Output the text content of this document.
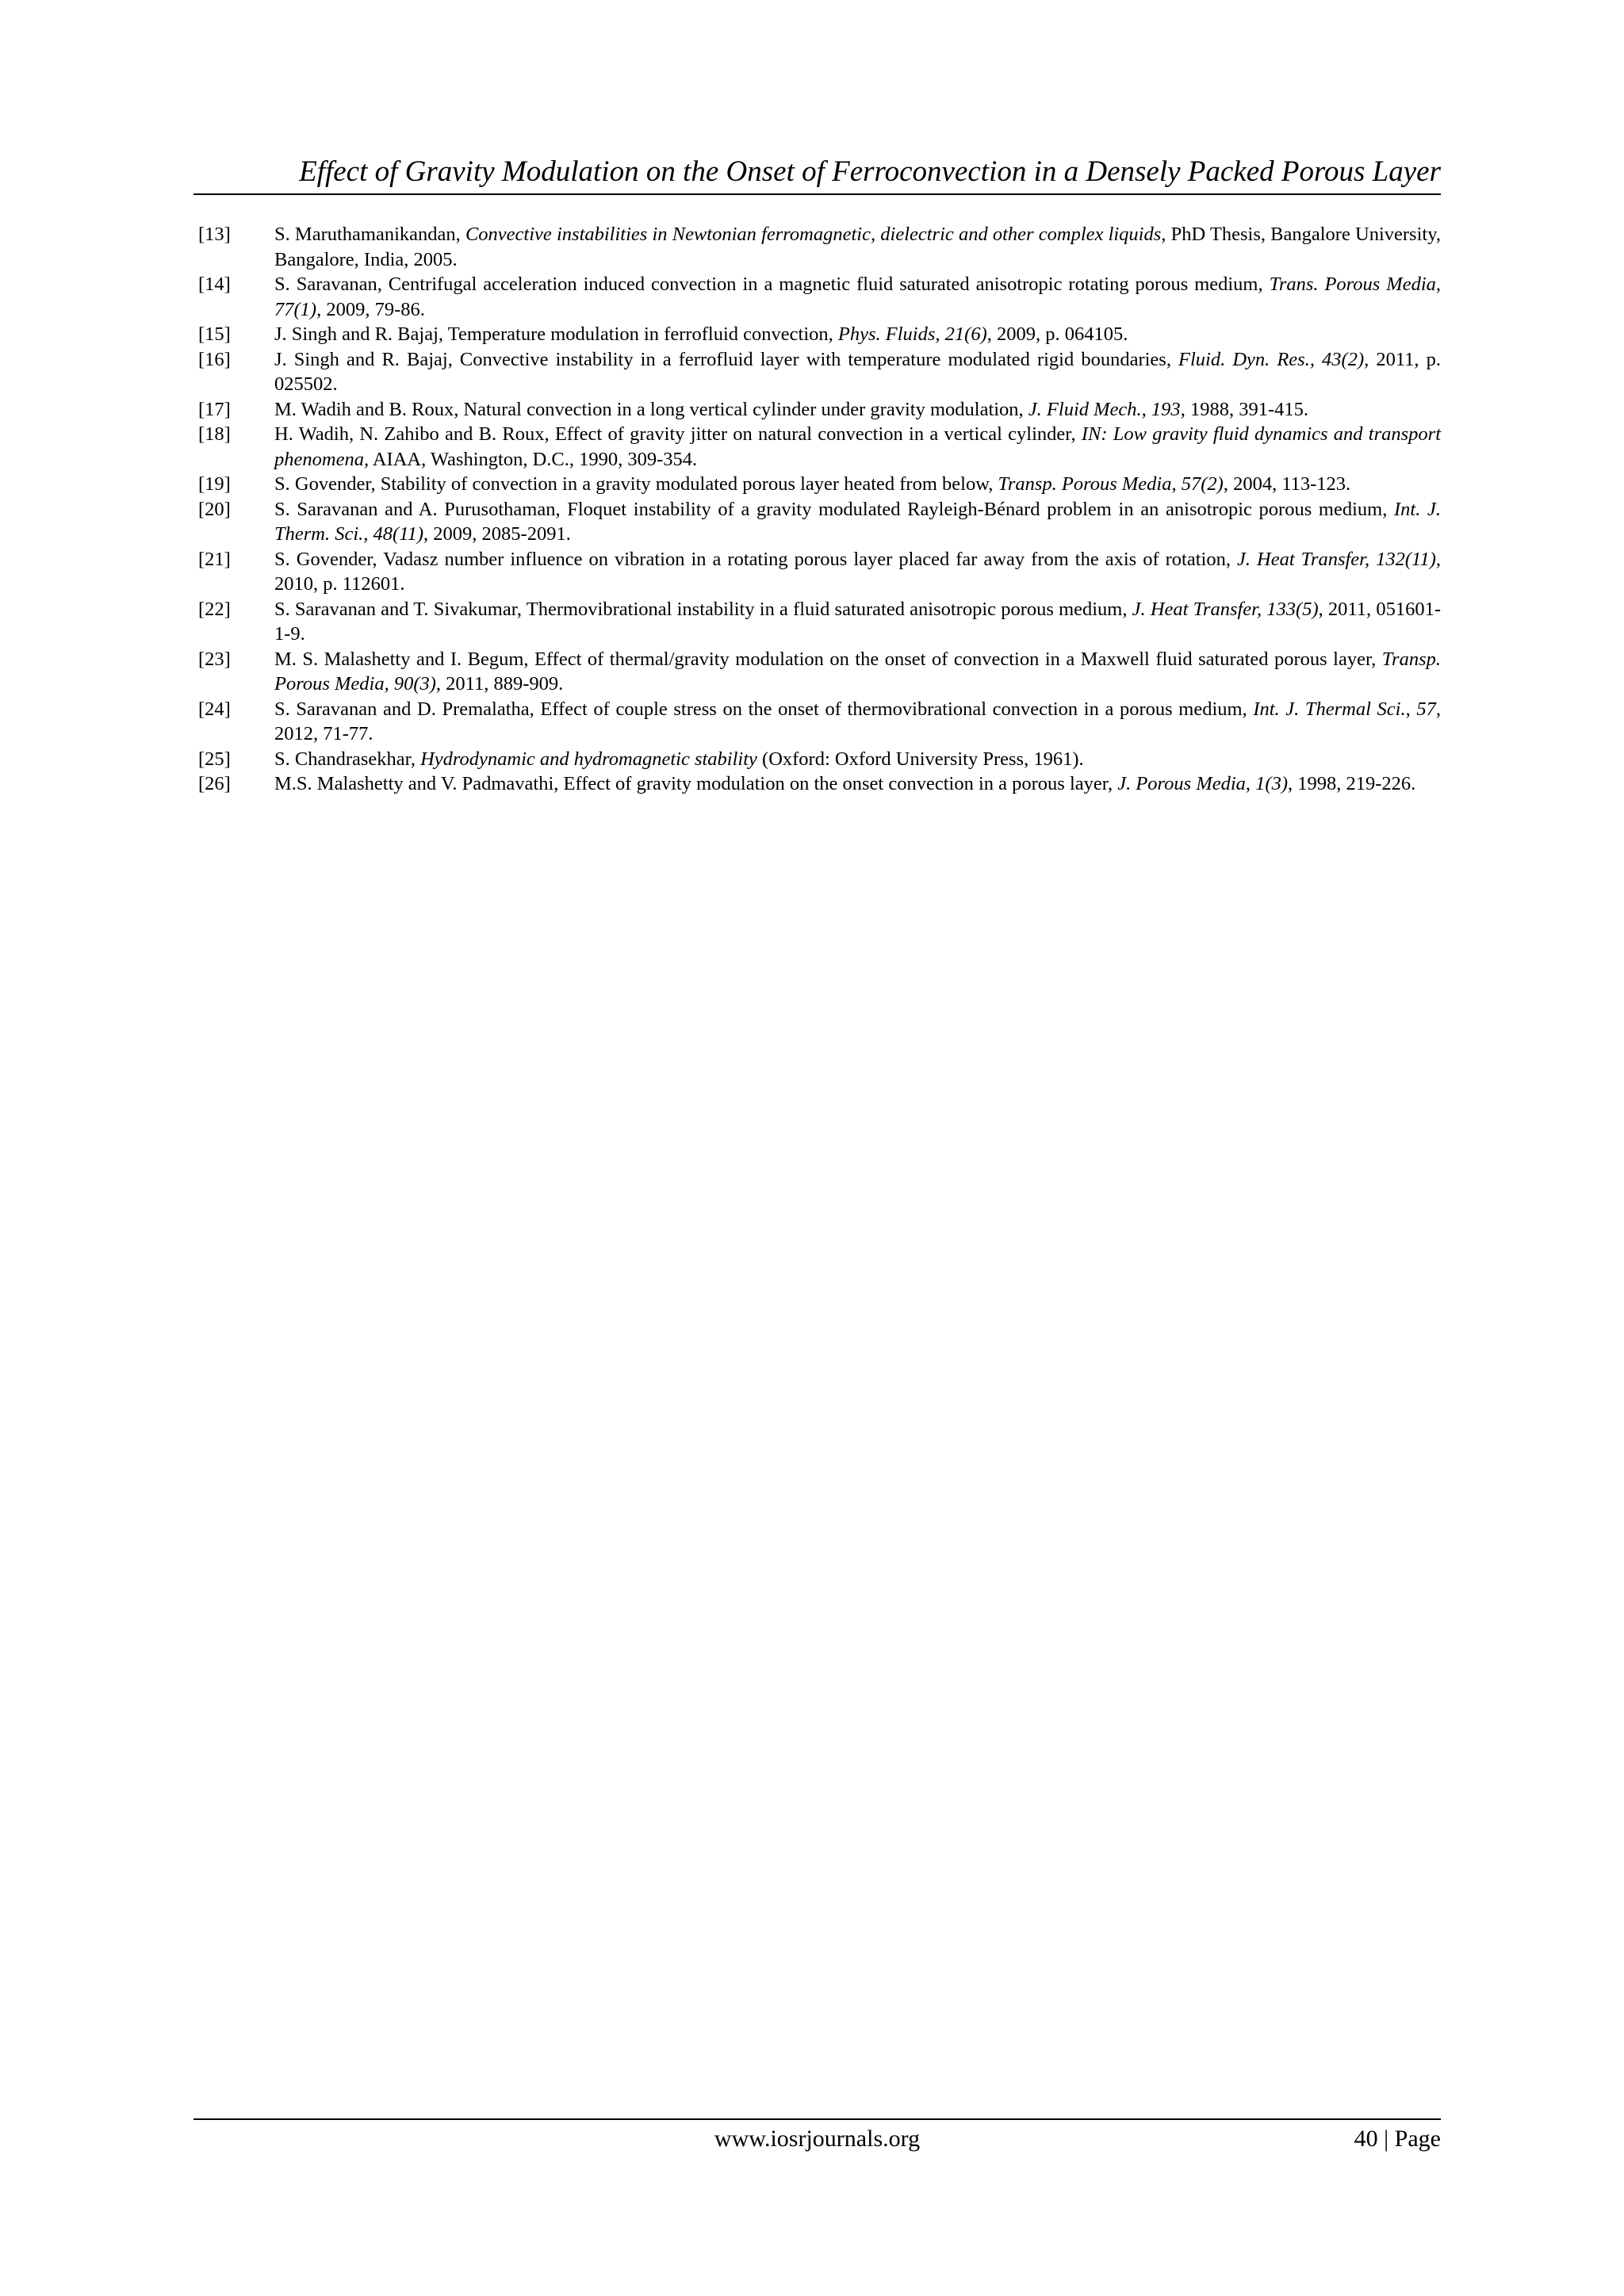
Effect of Gravity Modulation on the Onset of Ferroconvection in a Densely Packed Porous Layer
[13] S. Maruthamanikandan, Convective instabilities in Newtonian ferromagnetic, dielectric and other complex liquids, PhD Thesis, Bangalore University, Bangalore, India, 2005.
[14] S. Saravanan, Centrifugal acceleration induced convection in a magnetic fluid saturated anisotropic rotating porous medium, Trans. Porous Media, 77(1), 2009, 79-86.
[15] J. Singh and R. Bajaj, Temperature modulation in ferrofluid convection, Phys. Fluids, 21(6), 2009, p. 064105.
[16] J. Singh and R. Bajaj, Convective instability in a ferrofluid layer with temperature modulated rigid boundaries, Fluid. Dyn. Res., 43(2), 2011, p. 025502.
[17] M. Wadih and B. Roux, Natural convection in a long vertical cylinder under gravity modulation, J. Fluid Mech., 193, 1988, 391-415.
[18] H. Wadih, N. Zahibo and B. Roux, Effect of gravity jitter on natural convection in a vertical cylinder, IN: Low gravity fluid dynamics and transport phenomena, AIAA, Washington, D.C., 1990, 309-354.
[19] S. Govender, Stability of convection in a gravity modulated porous layer heated from below, Transp. Porous Media, 57(2), 2004, 113-123.
[20] S. Saravanan and A. Purusothaman, Floquet instability of a gravity modulated Rayleigh-Bénard problem in an anisotropic porous medium, Int. J. Therm. Sci., 48(11), 2009, 2085-2091.
[21] S. Govender, Vadasz number influence on vibration in a rotating porous layer placed far away from the axis of rotation, J. Heat Transfer, 132(11), 2010, p. 112601.
[22] S. Saravanan and T. Sivakumar, Thermovibrational instability in a fluid saturated anisotropic porous medium, J. Heat Transfer, 133(5), 2011, 051601-1-9.
[23] M. S. Malashetty and I. Begum, Effect of thermal/gravity modulation on the onset of convection in a Maxwell fluid saturated porous layer, Transp. Porous Media, 90(3), 2011, 889-909.
[24] S. Saravanan and D. Premalatha, Effect of couple stress on the onset of thermovibrational convection in a porous medium, Int. J. Thermal Sci., 57, 2012, 71-77.
[25] S. Chandrasekhar, Hydrodynamic and hydromagnetic stability (Oxford: Oxford University Press, 1961).
[26] M.S. Malashetty and V. Padmavathi, Effect of gravity modulation on the onset convection in a porous layer, J. Porous Media, 1(3), 1998, 219-226.
www.iosrjournals.org	40 | Page
